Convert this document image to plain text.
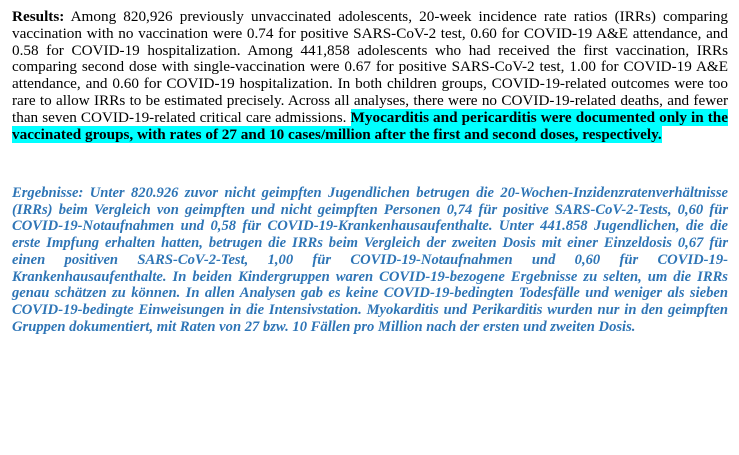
Results: Among 820,926 previously unvaccinated adolescents, 20-week incidence rate ratios (IRRs) comparing vaccination with no vaccination were 0.74 for positive SARS-CoV-2 test, 0.60 for COVID-19 A&E attendance, and 0.58 for COVID-19 hospitalization. Among 441,858 adolescents who had received the first vaccination, IRRs comparing second dose with single-vaccination were 0.67 for positive SARS-CoV-2 test, 1.00 for COVID-19 A&E attendance, and 0.60 for COVID-19 hospitalization. In both children groups, COVID-19-related outcomes were too rare to allow IRRs to be estimated precisely. Across all analyses, there were no COVID-19-related deaths, and fewer than seven COVID-19-related critical care admissions. Myocarditis and pericarditis were documented only in the vaccinated groups, with rates of 27 and 10 cases/million after the first and second doses, respectively.

Ergebnisse: Unter 820.926 zuvor nicht geimpften Jugendlichen betrugen die 20-Wochen-Inzidenzratenverhältnisse (IRRs) beim Vergleich von geimpften und nicht geimpften Personen 0,74 für positive SARS-CoV-2-Tests, 0,60 für COVID-19-Notaufnahmen und 0,58 für COVID-19-Krankenhausaufenthalte. Unter 441.858 Jugendlichen, die die erste Impfung erhalten hatten, betrugen die IRRs beim Vergleich der zweiten Dosis mit einer Einzeldosis 0,67 für einen positiven SARS-CoV-2-Test, 1,00 für COVID-19-Notaufnahmen und 0,60 für COVID-19-Krankenhausaufenthalte. In beiden Kindergruppen waren COVID-19-bezogene Ergebnisse zu selten, um die IRRs genau schätzen zu können. In allen Analysen gab es keine COVID-19-bedingten Todesfälle und weniger als sieben COVID-19-bedingte Einweisungen in die Intensivstation. Myokarditis und Perikarditis wurden nur in den geimpften Gruppen dokumentiert, mit Raten von 27 bzw. 10 Fällen pro Million nach der ersten und zweiten Dosis.
